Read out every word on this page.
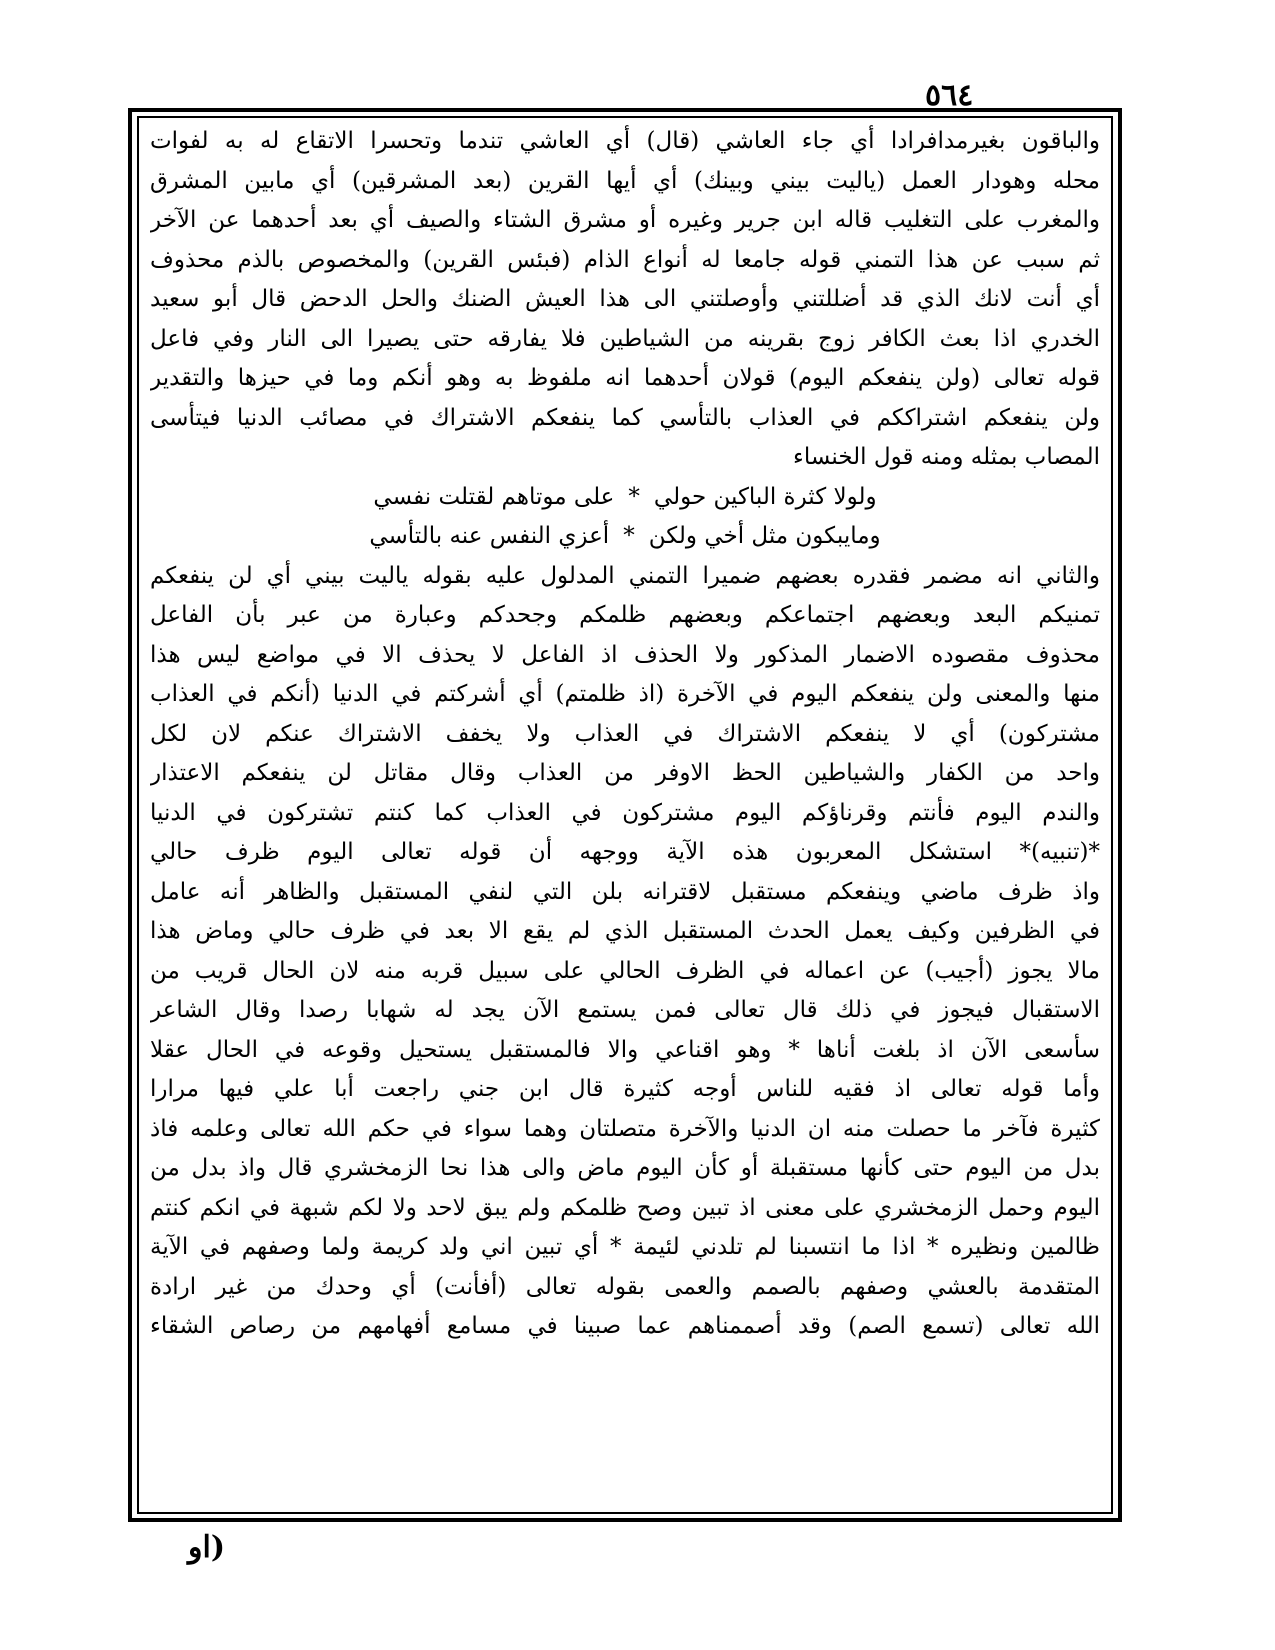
٥٦٤
والباقون بغيرمدافرادا أي جاء العاشي (قال) أي العاشي تندما وتحسرا الاتقاع له به لفوات
محله وهودار العمل (ياليت بيني وبينك) أي أيها القرين (بعد المشرقين) أي مابين المشرق
والمغرب على التغليب قاله ابن جرير وغيره أو مشرق الشتاء والصيف أي بعد أحدهما عن الآخر
ثم سبب عن هذا التمني قوله جامعا له أنواع الذام (فبئس القرين) والمخصوص بالذم محذوف
أي أنت لانك الذي قد أضللتني وأوصلتني الى هذا العيش الضنك والحل الدحض قال أبو سعيد
الخدري اذا بعث الكافر زوج بقرينه من الشياطين فلا يفارقه حتى يصيرا الى النار وفي فاعل
قوله تعالى (ولن ينفعكم اليوم) قولان أحدهما انه ملفوظ به وهو أنكم وما في حيزها والتقدير
ولن ينفعكم اشتراككم في العذاب بالتأسي كما ينفعكم الاشتراك في مصائب الدنيا فيتأسى
المصاب بمثله ومنه قول الخنساء
ولولا كثرة الباكين حولي
*
على موتاهم لقتلت نفسي
ومايبكون مثل أخي ولكن
*
أعزي النفس عنه بالتأسي
والثاني انه مضمر فقدره بعضهم ضميرا التمني المدلول عليه بقوله ياليت بيني أي لن ينفعكم
تمنيكم البعد وبعضهم اجتماعكم وبعضهم ظلمكم وجحدكم وعبارة من عبر بأن الفاعل
محذوف مقصوده الاضمار المذكور ولا الحذف اذ الفاعل لا يحذف الا في مواضع ليس هذا
منها والمعنى ولن ينفعكم اليوم في الآخرة (اذ ظلمتم) أي أشركتم في الدنيا (أنكم في العذاب
مشتركون) أي لا ينفعكم الاشتراك في العذاب ولا يخفف الاشتراك عنكم لان لكل
واحد من الكفار والشياطين الحظ الاوفر من العذاب وقال مقاتل لن ينفعكم الاعتذار
والندم اليوم فأنتم وقرناؤكم اليوم مشتركون في العذاب كما كنتم تشتركون في الدنيا
*(تنبيه)* استشكل المعربون هذه الآية ووجهه أن قوله تعالى اليوم ظرف حالي
واذ ظرف ماضي وينفعكم مستقبل لاقترانه بلن التي لنفي المستقبل والظاهر أنه عامل
في الظرفين وكيف يعمل الحدث المستقبل الذي لم يقع الا بعد في ظرف حالي وماض هذا
مالا يجوز (أجيب) عن اعماله في الظرف الحالي على سبيل قربه منه لان الحال قريب من
الاستقبال فيجوز في ذلك قال تعالى فمن يستمع الآن يجد له شهابا رصدا وقال الشاعر
سأسعى الآن اذ بلغت أناها * وهو اقناعي والا فالمستقبل يستحيل وقوعه في الحال عقلا
وأما قوله تعالى اذ فقيه للناس أوجه كثيرة قال ابن جني راجعت أبا علي فيها مرارا
كثيرة فآخر ما حصلت منه ان الدنيا والآخرة متصلتان وهما سواء في حكم الله تعالى وعلمه فاذ
بدل من اليوم حتى كأنها مستقبلة أو كأن اليوم ماض والى هذا نحا الزمخشري قال واذ بدل من
اليوم وحمل الزمخشري على معنى اذ تبين وصح ظلمكم ولم يبق لاحد ولا لكم شبهة في انكم كنتم
ظالمين ونظيره * اذا ما انتسبنا لم تلدني لئيمة * أي تبين اني ولد كريمة ولما وصفهم في الآية
المتقدمة بالعشي وصفهم بالصمم والعمى بقوله تعالى (أفأنت) أي وحدك من غير ارادة
الله تعالى (تسمع الصم) وقد أصممناهم عما صبينا في مسامع أفهامهم من رصاص الشقاء
(او
